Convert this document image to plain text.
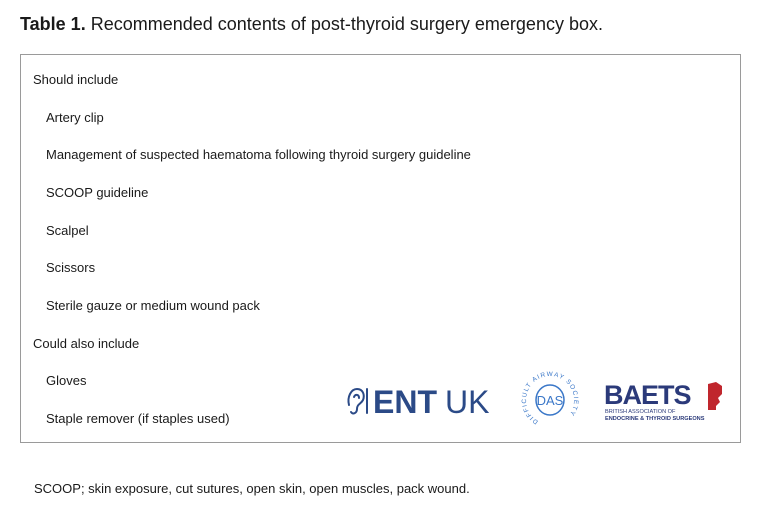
Table 1. Recommended contents of post-thyroid surgery emergency box.
Should include
Artery clip
Management of suspected haematoma following thyroid surgery guideline
SCOOP guideline
Scalpel
Scissors
Sterile gauze or medium wound pack
Could also include
Gloves
Staple remover (if staples used)	ENT UK	DAS
DIFFICULT AIRWAY SOCIETY
BAETS
BRITISH ASSOCIATION OF
ENDOCRINE & THYROID SURGEONS
SCOOP; skin exposure, cut sutures, open skin, open muscles, pack wound.
